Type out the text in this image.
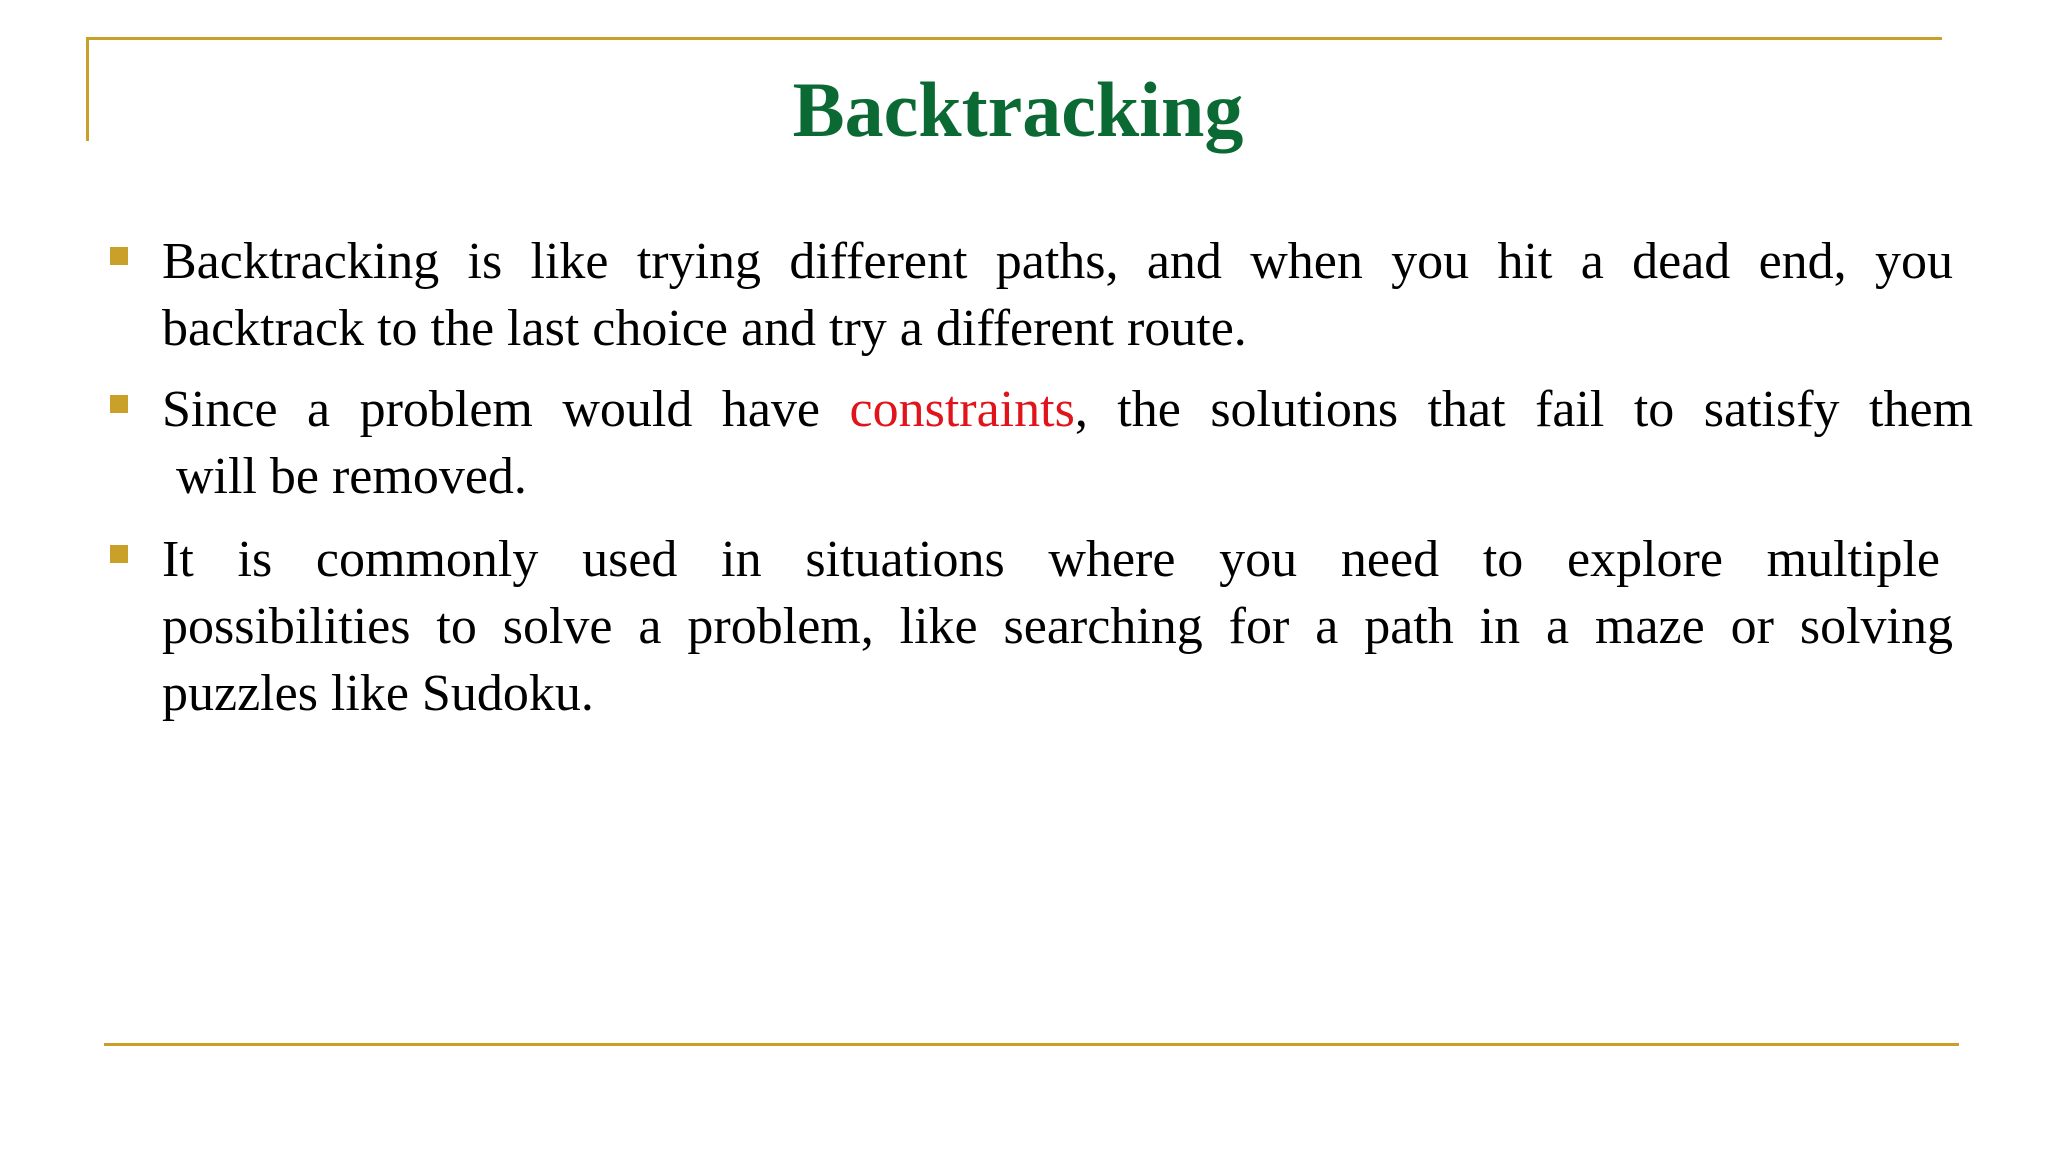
Backtracking
Backtracking is like trying different paths, and when you hit a dead end, you
backtrack to the last choice and try a different route.
Since a problem would have constraints, the solutions that fail to satisfy them
will be removed.
It is commonly used in situations where you need to explore multiple
possibilities to solve a problem, like searching for a path in a maze or solving
puzzles like Sudoku.
